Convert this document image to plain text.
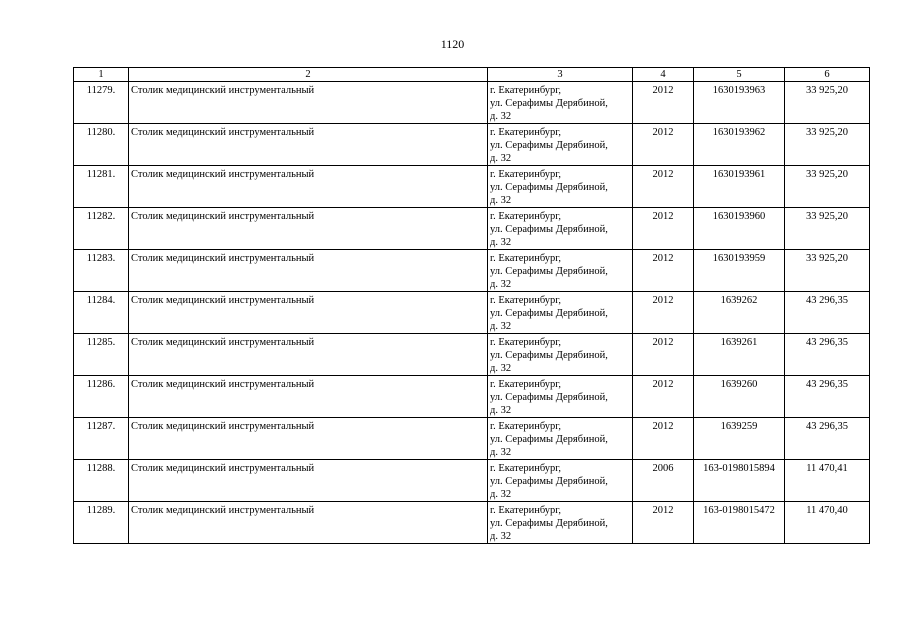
1120
1	2	3	4	5	6
11279.	Столик медицинский инструментальный	г. Екатеринбург,
ул. Серафимы Дерябиной,
д. 32	2012	1630193963	33 925,20
11280.	Столик медицинский инструментальный	г. Екатеринбург,
ул. Серафимы Дерябиной,
д. 32	2012	1630193962	33 925,20
11281.	Столик медицинский инструментальный	г. Екатеринбург,
ул. Серафимы Дерябиной,
д. 32	2012	1630193961	33 925,20
11282.	Столик медицинский инструментальный	г. Екатеринбург,
ул. Серафимы Дерябиной,
д. 32	2012	1630193960	33 925,20
11283.	Столик медицинский инструментальный	г. Екатеринбург,
ул. Серафимы Дерябиной,
д. 32	2012	1630193959	33 925,20
11284.	Столик медицинский инструментальный	г. Екатеринбург,
ул. Серафимы Дерябиной,
д. 32	2012	1639262	43 296,35
11285.	Столик медицинский инструментальный	г. Екатеринбург,
ул. Серафимы Дерябиной,
д. 32	2012	1639261	43 296,35
11286.	Столик медицинский инструментальный	г. Екатеринбург,
ул. Серафимы Дерябиной,
д. 32	2012	1639260	43 296,35
11287.	Столик медицинский инструментальный	г. Екатеринбург,
ул. Серафимы Дерябиной,
д. 32	2012	1639259	43 296,35
11288.	Столик медицинский инструментальный	г. Екатеринбург,
ул. Серафимы Дерябиной,
д. 32	2006	163-0198015894	11 470,41
11289.	Столик медицинский инструментальный	г. Екатеринбург,
ул. Серафимы Дерябиной,
д. 32	2012	163-0198015472	11 470,40
